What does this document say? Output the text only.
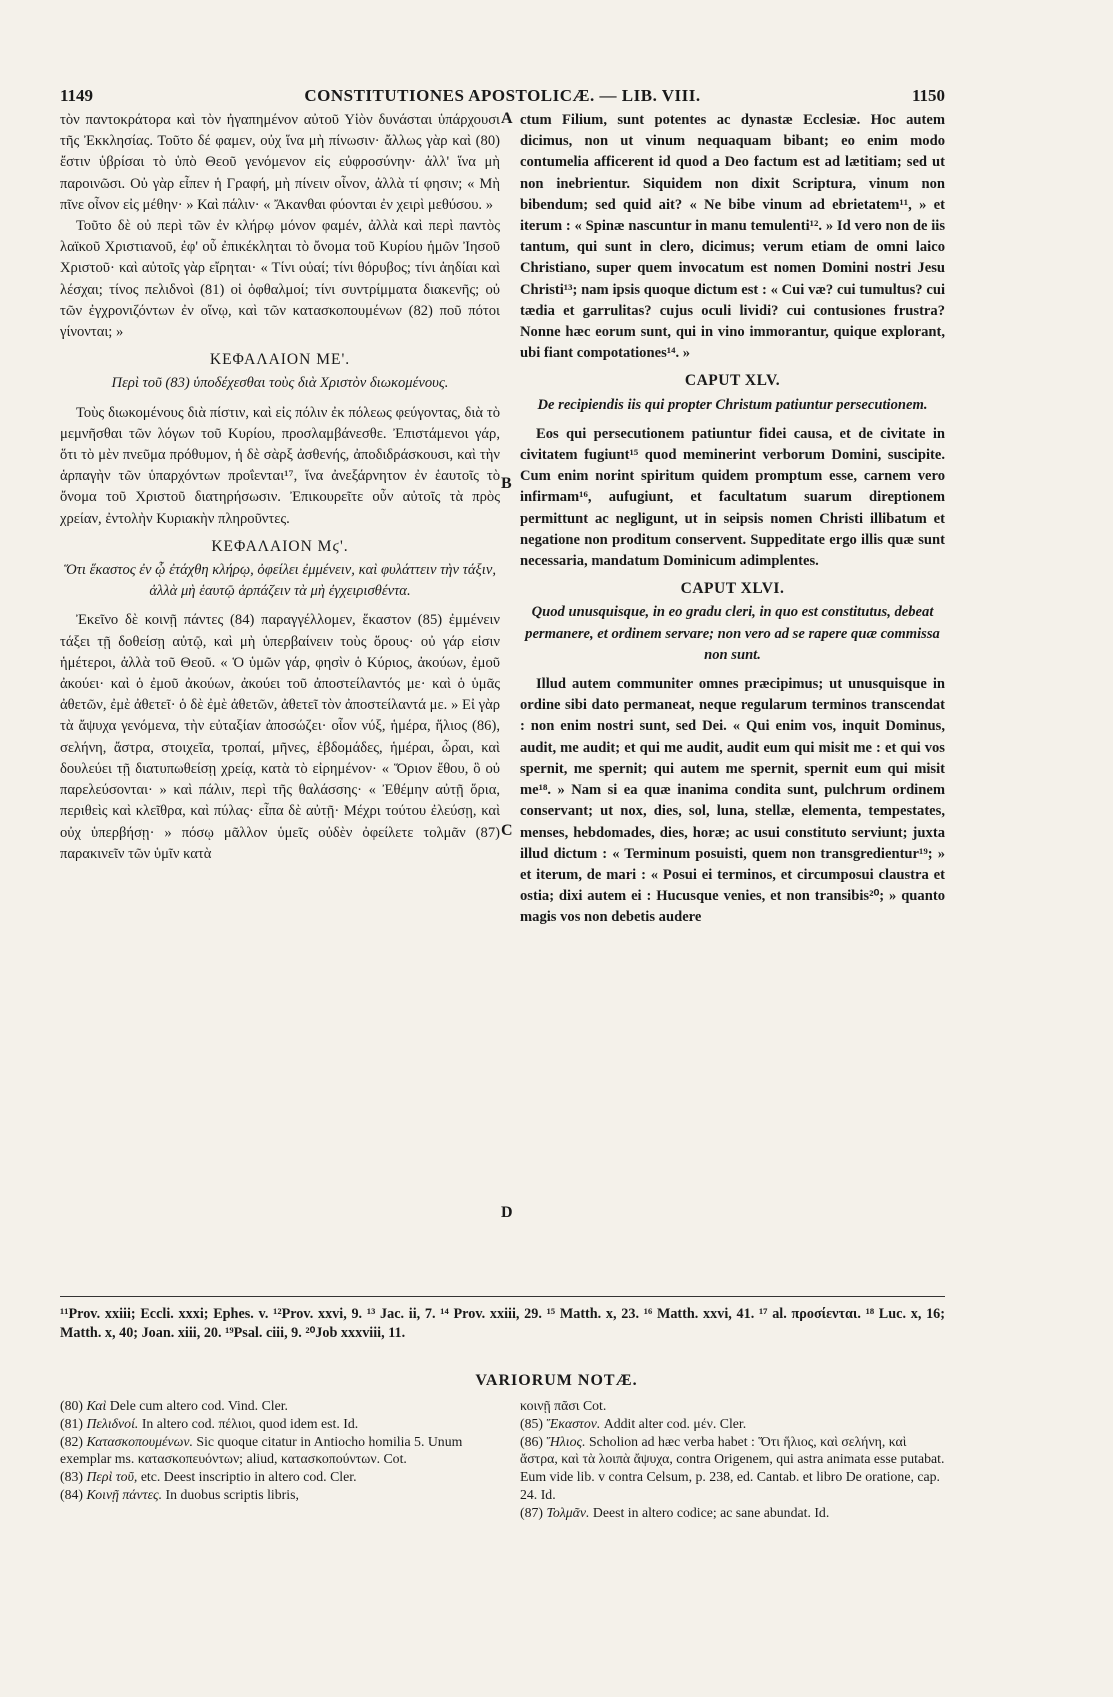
1149	CONSTITUTIONES APOSTOLICÆ. — LIB. VIII.	1150

τὸν παντοκράτορα καὶ τὸν ἠγαπημένον αὐτοῦ Υἱὸν δυνάσται ὑπάρχουσι τῆς Ἐκκλησίας. Τοῦτο δέ φαμεν, οὐχ ἵνα μὴ πίνωσιν· ἄλλως γὰρ καὶ (80) ἔστιν ὑβρίσαι τὸ ὑπὸ Θεοῦ γενόμενον εἰς εὐφροσύνην· ἀλλ' ἵνα μὴ παροινῶσι. Οὐ γὰρ εἶπεν ἡ Γραφή, μὴ πίνειν οἶνον, ἀλλὰ τί φησιν; « Μὴ πῖνε οἶνον εἰς μέθην· » Καὶ πάλιν· « Ἄκανθαι φύονται ἐν χειρὶ μεθύσου. »

Τοῦτο δὲ οὐ περὶ τῶν ἐν κλήρῳ μόνον φαμέν, ἀλλὰ καὶ περὶ παντὸς λαϊκοῦ Χριστιανοῦ, ἐφ' οὗ ἐπικέκληται τὸ ὄνομα τοῦ Κυρίου ἡμῶν Ἰησοῦ Χριστοῦ· καὶ αὐτοῖς γὰρ εἴρηται· « Τίνι οὐαί; τίνι θόρυβος; τίνι ἀηδίαι καὶ λέσχαι; τίνος πελιδνοὶ (81) οἱ ὀφθαλμοί; τίνι συντρίμματα διακενῆς; οὐ τῶν ἐγχρονιζόντων ἐν οἴνῳ, καὶ τῶν κατασκοπουμένων (82) ποῦ πότοι γίνονται; »

ΚΕΦΑΛΑΙΟΝ ΜΕ'.
Περὶ τοῦ (83) ὑποδέχεσθαι τοὺς διὰ Χριστὸν διωκομένους.

Τοὺς διωκομένους διὰ πίστιν, καὶ εἰς πόλιν ἐκ πόλεως φεύγοντας, διὰ τὸ μεμνῆσθαι τῶν λόγων τοῦ Κυρίου, προσλαμβάνεσθε. Ἐπιστάμενοι γάρ, ὅτι τὸ μὲν πνεῦμα πρόθυμον, ἡ δὲ σὰρξ ἀσθενής, ἀποδιδράσκουσι, καὶ τὴν ἁρπαγὴν τῶν ὑπαρχόντων προΐενται¹⁷, ἵνα ἀνεξάρνητον ἐν ἑαυτοῖς τὸ ὄνομα τοῦ Χριστοῦ διατηρήσωσιν. Ἐπικουρεῖτε οὖν αὐτοῖς τὰ πρὸς χρείαν, ἐντολὴν Κυριακὴν πληροῦντες.

ΚΕΦΑΛΑΙΟΝ Μϛ'.
Ὅτι ἕκαστος ἐν ᾧ ἐτάχθη κλήρῳ, ὀφείλει ἐμμένειν, καὶ φυλάττειν τὴν τάξιν, ἀλλὰ μὴ ἑαυτῷ ἁρπάζειν τὰ μὴ ἐγχειρισθέντα.

Ἐκεῖνο δὲ κοινῇ πάντες (84) παραγγέλλομεν, ἕκαστον (85) ἐμμένειν τάξει τῇ δοθείσῃ αὐτῷ, καὶ μὴ ὑπερβαίνειν τοὺς ὅρους· οὐ γάρ εἰσιν ἡμέτεροι, ἀλλὰ τοῦ Θεοῦ. « Ὁ ὑμῶν γάρ, φησὶν ὁ Κύριος, ἀκούων, ἐμοῦ ἀκούει· καὶ ὁ ἐμοῦ ἀκούων, ἀκούει τοῦ ἀποστείλαντός με· καὶ ὁ ὑμᾶς ἀθετῶν, ἐμὲ ἀθετεῖ· ὁ δὲ ἐμὲ ἀθετῶν, ἀθετεῖ τὸν ἀποστείλαντά με. » Εἰ γὰρ τὰ ἄψυχα γενόμενα, τὴν εὐταξίαν ἀποσώζει· οἷον νύξ, ἡμέρα, ἥλιος (86), σελήνη, ἄστρα, στοιχεῖα, τροπαί, μῆνες, ἑβδομάδες, ἡμέραι, ὧραι, καὶ δουλεύει τῇ διατυπωθείσῃ χρείᾳ, κατὰ τὸ εἰρημένον· « Ὅριον ἔθου, ὃ οὐ παρελεύσονται· » καὶ πάλιν, περὶ τῆς θαλάσσης· « Ἐθέμην αὐτῇ ὅρια, περιθεὶς καὶ κλεῖθρα, καὶ πύλας· εἶπα δὲ αὐτῇ· Μέχρι τούτου ἐλεύσῃ, καὶ οὐχ ὑπερβήσῃ· » πόσῳ μᾶλλον ὑμεῖς οὐδὲν ὀφείλετε τολμᾶν (87) παρακινεῖν τῶν ὑμῖν κατὰ

ctum Filium, sunt potentes ac dynastæ Ecclesiæ. Hoc autem dicimus, non ut vinum nequaquam bibant; eo enim modo contumelia afficerent id quod a Deo factum est ad lætitiam; sed ut non inebrientur. Siquidem non dixit Scriptura, vinum non bibendum; sed quid ait? « Ne bibe vinum ad ebrietatem¹¹, » et iterum : « Spinæ nascuntur in manu temulenti¹². » Id vero non de iis tantum, qui sunt in clero, dicimus; verum etiam de omni laico Christiano, super quem invocatum est nomen Domini nostri Jesu Christi¹³; nam ipsis quoque dictum est : « Cui væ? cui tumultus? cui tædia et garrulitas? cujus oculi lividi? cui contusiones frustra? Nonne hæc eorum sunt, qui in vino immorantur, quique explorant, ubi fiant compotationes¹⁴. »

CAPUT XLV.
De recipiendis iis qui propter Christum patiuntur persecutionem.

Eos qui persecutionem patiuntur fidei causa, et de civitate in civitatem fugiunt¹⁵ quod meminerint verborum Domini, suscipite. Cum enim norint spiritum quidem promptum esse, carnem vero infirmam¹⁶, aufugiunt, et facultatum suarum direptionem permittunt ac negligunt, ut in seipsis nomen Christi illibatum et negatione non proditum conservent. Suppeditate ergo illis quæ sunt necessaria, mandatum Dominicum adimplentes.

CAPUT XLVI.
Quod unusquisque, in eo gradu cleri, in quo est constitutus, debeat permanere, et ordinem servare; non vero ad se rapere quæ commissa non sunt.

Illud autem communiter omnes præcipimus; ut unusquisque in ordine sibi dato permaneat, neque regularum terminos transcendat : non enim nostri sunt, sed Dei. « Qui enim vos, inquit Dominus, audit, me audit; et qui me audit, audit eum qui misit me : et qui vos spernit, me spernit; qui autem me spernit, spernit eum qui misit me¹⁸. » Nam si ea quæ inanima condita sunt, pulchrum ordinem conservant; ut nox, dies, sol, luna, stellæ, elementa, tempestates, menses, hebdomades, dies, horæ; ac usui constituto serviunt; juxta illud dictum : « Terminum posuisti, quem non transgredientur¹⁹; » et iterum, de mari : « Posui ei terminos, et circumposui claustra et ostia; dixi autem ei : Hucusque venies, et non transibis²⁰; » quanto magis vos non debetis audere

A
B
C
D
¹¹Prov. xxiii; Eccli. xxxi; Ephes. v. ¹²Prov. xxvi, 9. ¹³ Jac. ii, 7. ¹⁴ Prov. xxiii, 29. ¹⁵ Matth. x, 23. ¹⁶ Matth. xxvi, 41. ¹⁷ al. προσίενται. ¹⁸ Luc. x, 16; Matth. x, 40; Joan. xiii, 20. ¹⁹Psal. ciii, 9. ²⁰Job xxxviii, 11.
VARIORUM NOTÆ.

(80) Καὶ Dele cum altero cod. Vind. Cler.

(81) Πελιδνοί. In altero cod. πέλιοι, quod idem est. Id.

(82) Κατασκοπουμένων. Sic quoque citatur in Antiocho homilia 5. Unum exemplar ms. κατασκοπευόντων; aliud, κατασκοπούντων. Cot.

(83) Περὶ τοῦ, etc. Deest inscriptio in altero cod. Cler.

(84) Κοινῇ πάντες. In duobus scriptis libris,

κοινῇ πᾶσι Cot.

(85) Ἕκαστον. Addit alter cod. μέν. Cler.

(86) Ἥλιος. Scholion ad hæc verba habet : Ὅτι ἥλιος, καὶ σελήνη, καὶ ἄστρα, καὶ τὰ λοιπὰ ἄψυχα, contra Origenem, qui astra animata esse putabat. Eum vide lib. v contra Celsum, p. 238, ed. Cantab. et libro De oratione, cap. 24. Id.

(87) Τολμᾶν. Deest in altero codice; ac sane abundat. Id.
